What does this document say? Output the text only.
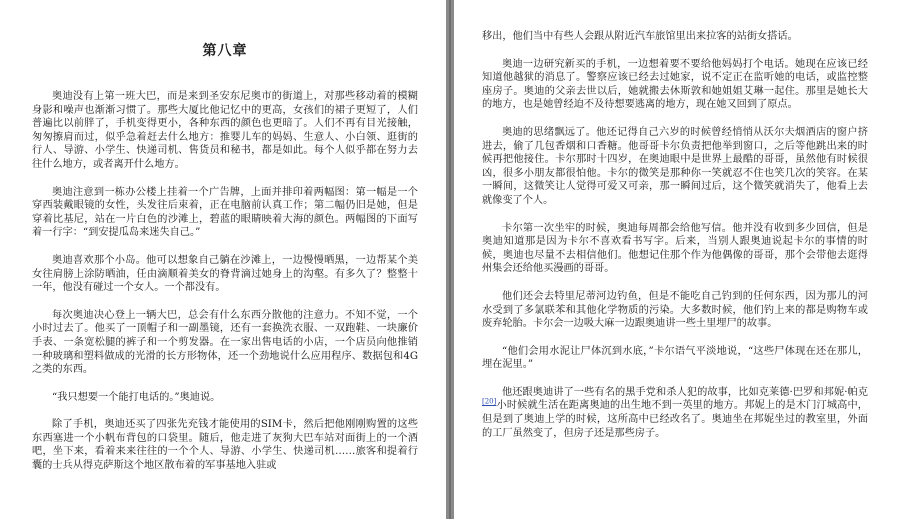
第八章

奥迪没有上第一班大巴，而是来到圣安东尼奥市的街道上，对那些移动着的模糊身影和噪声也渐渐习惯了。那些大厦比他记忆中的更高，女孩们的裙子更短了，人们普遍比以前胖了，手机变得更小，各种东西的颜色也更暗了。人们不再有目光接触，匆匆擦肩而过，似乎急着赶去什么地方：推婴儿车的妈妈、生意人、小白领、逛街的行人、导游、小学生、快递司机、售货员和秘书，都是如此。每个人似乎都在努力去往什么地方，或者离开什么地方。

奥迪注意到一栋办公楼上挂着一个广告牌，上面并排印着两幅图：第一幅是一个穿西装戴眼镜的女性，头发往后束着，正在电脑前认真工作；第二幅仍旧是她，但是穿着比基尼，站在一片白色的沙滩上，碧蓝的眼睛映着大海的颜色。两幅图的下面写着一行字：“到安提瓜岛来迷失自己。”

奥迪喜欢那个小岛。他可以想象自己躺在沙滩上，一边慢慢晒黑，一边帮某个美女往肩膀上涂防晒油，任由滴顺着美女的脊背滴过她身上的沟壑。有多久了？整整十一年，他没有碰过一个女人。一个都没有。

每次奥迪决心登上一辆大巴，总会有什么东西分散他的注意力。不知不觉，一个小时过去了。他买了一顶帽子和一副墨镜，还有一套换洗衣服、一双跑鞋、一块廉价手表、一条宽松腿的裤子和一个剪发器。在一家出售电话的小店，一个店员向他推销一种玻璃和塑料做成的光滑的长方形物体，还一个劲地说什么应用程序、数据包和4G之类的东西。

“我只想要一个能打电话的。”奥迪说。

除了手机，奥迪还买了四张先充钱才能使用的SIM卡，然后把他刚刚购置的这些东西塞进一个小帆布背包的口袋里。随后，他走进了灰狗大巴车站对面街上的一个酒吧，坐下来，看着来来往往的一个个人、导游、小学生、快递司机……旅客和提着行囊的士兵从得克萨斯这个地区散布着的军事基地入驻或

移出，他们当中有些人会跟从附近汽车旅馆里出来拉客的站街女搭话。

奥迪一边研究新买的手机，一边想着要不要给他妈妈打个电话。她现在应该已经知道他越狱的消息了。警察应该已经去过她家，说不定正在监听她的电话，或监控整座房子。奥迪的父亲去世以后，她就搬去休斯敦和她姐姐艾琳一起住。那里是她长大的地方，也是她曾经迫不及待想要逃离的地方，现在她又回到了原点。

奥迪的思绪飘远了。他还记得自己六岁的时候曾经悄悄从沃尔夫烟酒店的窗户挤进去，偷了几包香烟和口香糖。他哥哥卡尔负责把他举到窗口，之后等他跳出来的时候再把他接住。卡尔那时十四岁，在奥迪眼中是世界上最酷的哥哥，虽然他有时候很凶，很多小朋友都很怕他。卡尔的微笑是那种你一笑就忍不住也笑几次的笑容。在某一瞬间，这微笑让人觉得可爱又可亲，那一瞬间过后，这个微笑就消失了，他看上去就像变了个人。

卡尔第一次坐牢的时候，奥迪每周都会给他写信。他并没有收到多少回信，但是奥迪知道那是因为卡尔不喜欢看书写字。后来，当别人跟奥迪说起卡尔的事情的时候，奥迪也尽量不去相信他们。他想记住那个作为他偶像的哥哥，那个会带他去逛得州集会还给他买漫画的哥哥。

他们还会去特里尼蒂河边钓鱼，但是不能吃自己钓到的任何东西，因为那儿的河水受到了多氯联苯和其他化学物质的污染。大多数时候，他们钓上来的都是购物车或废弃轮胎。卡尔会一边吸大麻一边跟奥迪讲一些土里埋尸的故事。

“他们会用水泥让尸体沉到水底，”卡尔语气平淡地说，“这些尸体现在还在那儿，埋在泥里。”

他还跟奥迪讲了一些有名的黑手党和杀人犯的故事，比如克莱德·巴罗和邦妮·帕克[20]小时候就生活在距离奥迪的出生地不到一英里的地方。邦妮上的是木门汀城高中，但是到了奥迪上学的时候，这所高中已经改名了。奥迪坐在邦妮坐过的教室里，外面的工厂虽然变了，但房子还是那些房子。
